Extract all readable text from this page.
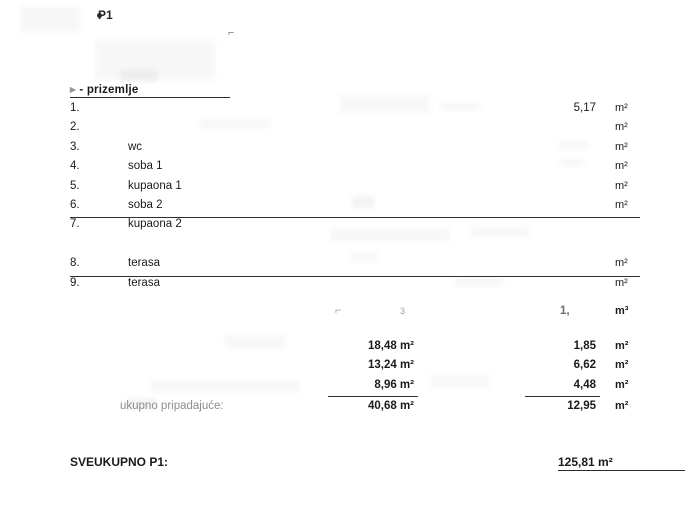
P1
⌐
▸ - prizemlje
1.	5,17 m²
2.	m²
3.	wc	m²
4.	soba 1	m²
5.	kupaona 1	m²
6.	soba 2	m²
7.	kupaona 2
8.	terasa	m²
9.	terasa	m²
⌐	3	1,	m³
18,48 m²	1,85 m²
13,24 m²	6,62 m²
8,96 m²	4,48 m²
ukupno pripadajuće:	40,68 m²	12,95 m²
SVEUKUPNO P1:	125,81 m²
